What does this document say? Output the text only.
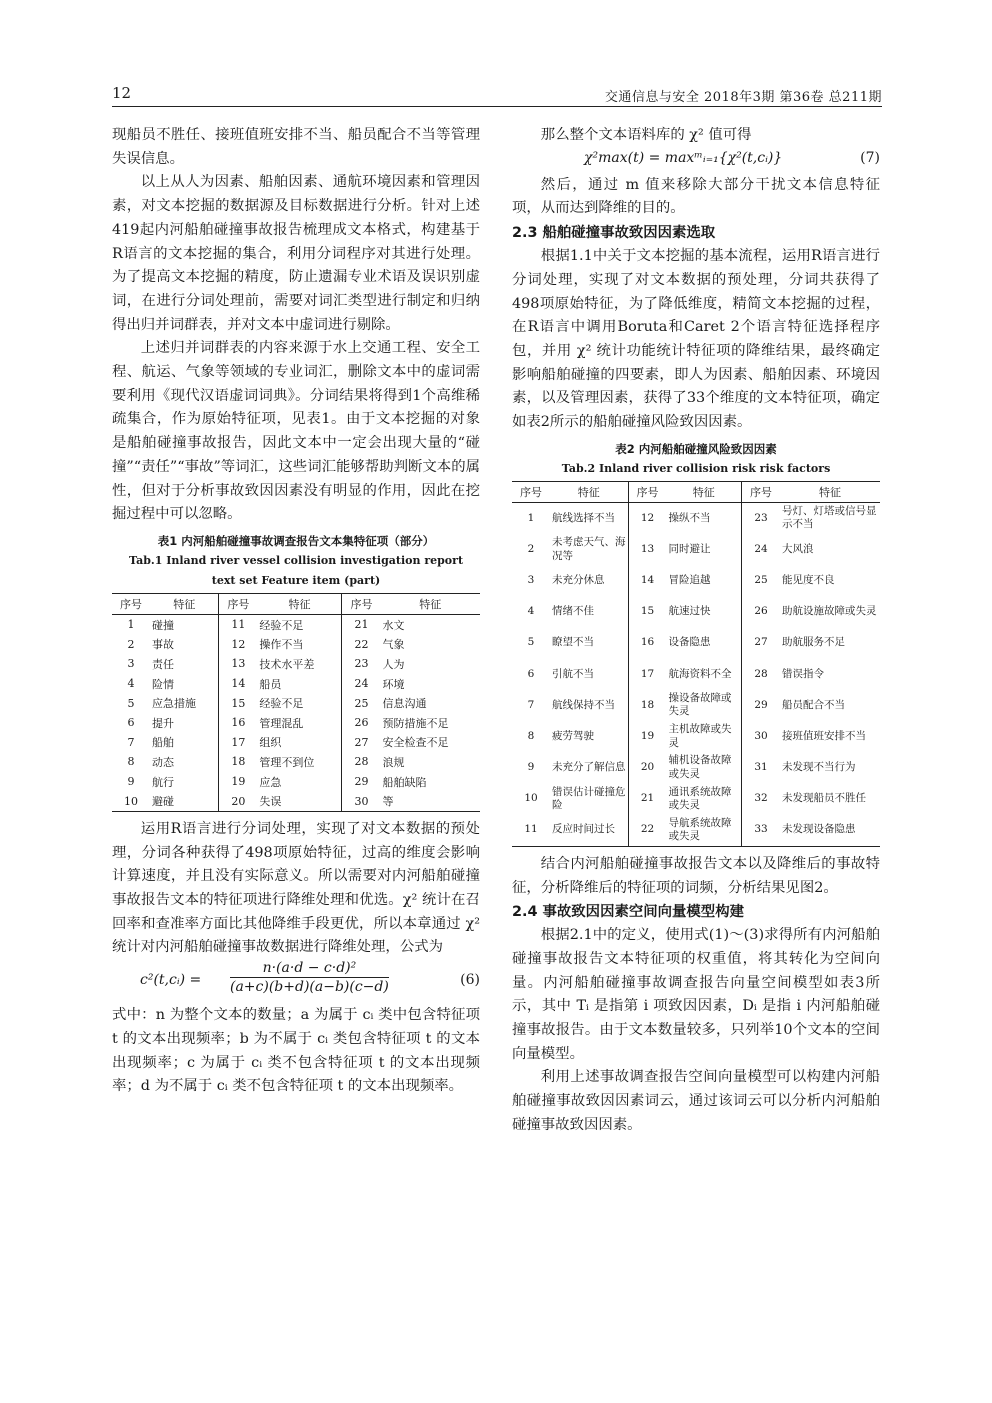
12	交通信息与安全 2018年3期 第36卷 总211期

现船员不胜任、接班值班安排不当、船员配合不当等管理失误信息。

以上从人为因素、船舶因素、通航环境因素和管理因素，对文本挖掘的数据源及目标数据进行分析。针对上述419起内河船舶碰撞事故报告梳理成文本格式，构建基于R语言的文本挖掘的集合，利用分词程序对其进行处理。为了提高文本挖掘的精度，防止遗漏专业术语及误识别虚词，在进行分词处理前，需要对词汇类型进行制定和归纳得出归并词群表，并对文本中虚词进行剔除。

上述归并词群表的内容来源于水上交通工程、安全工程、航运、气象等领域的专业词汇，删除文本中的虚词需要利用《现代汉语虚词词典》。分词结果将得到1个高维稀疏集合，作为原始特征项，见表1。由于文本挖掘的对象是船舶碰撞事故报告，因此文本中一定会出现大量的“碰撞”“责任”“事故”等词汇，这些词汇能够帮助判断文本的属性，但对于分析事故致因因素没有明显的作用，因此在挖掘过程中可以忽略。

表1 内河船舶碰撞事故调查报告文本集特征项（部分）
Tab.1 Inland river vessel collision investigation report
text set Feature item (part)
序号	特征	序号	特征	序号	特征
1	碰撞	11	经验不足	21	水文
2	事故	12	操作不当	22	气象
3	责任	13	技术水平差	23	人为
4	险情	14	船员	24	环境
5	应急措施	15	经验不足	25	信息沟通
6	提升	16	管理混乱	26	预防措施不足
7	船舶	17	组织	27	安全检查不足
8	动态	18	管理不到位	28	浪规
9	航行	19	应急	29	船舶缺陷
10	避碰	20	失误	30	等

运用R语言进行分词处理，实现了对文本数据的预处理，分词各种获得了498项原始特征，过高的维度会影响计算速度，并且没有实际意义。所以需要对内河船舶碰撞事故报告文本的特征项进行降维处理和优选。χ² 统计在召回率和查准率方面比其他降维手段更优，所以本章通过 χ² 统计对内河船舶碰撞事故数据进行降维处理，公式为

c²(t,cᵢ) = $\frac{\text{n·(a·d − c·d)²}}{(a+c)(b+d)(a-b)(c-d)}$	(6)

式中：n 为整个文本的数量；a 为属于 cᵢ 类中包含特征项 t 的文本出现频率；b 为不属于 cᵢ 类包含特征项 t 的文本出现频率；c 为属于 cᵢ 类不包含特征项 t 的文本出现频率；d 为不属于 cᵢ 类不包含特征项 t 的文本出现频率。

那么整个文本语料库的 χ² 值可得

χ²max(t) = maxᵐᵢ₌₁{χ²(t,cᵢ)}	(7)

然后，通过 m 值来移除大部分干扰文本信息特征项，从而达到降维的目的。

2.3 船舶碰撞事故致因因素选取

根据1.1中关于文本挖掘的基本流程，运用R语言进行分词处理，实现了对文本数据的预处理，分词共获得了498项原始特征，为了降低维度，精简文本挖掘的过程，在R语言中调用Boruta和Caret 2个语言特征选择程序包，并用 χ² 统计功能统计特征项的降维结果，最终确定影响船舶碰撞的四要素，即人为因素、船舶因素、环境因素，以及管理因素，获得了33个维度的文本特征项，确定如表2所示的船舶碰撞风险致因因素。

表2 内河船舶碰撞风险致因因素
Tab.2 Inland river collision risk risk factors
序号	特征	序号	特征	序号	特征
1	航线选择不当	12	操纵不当	23	号灯、灯塔或信号显示不当
2	未考虑天气、海况等	13	同时避让	24	大风浪
3	未充分休息	14	冒险追越	25	能见度不良
4	情绪不佳	15	航速过快	26	助航设施故障或失灵
5	瞭望不当	16	设备隐患	27	助航服务不足
6	引航不当	17	航海资料不全	28	错误指令
7	航线保持不当	18	操设备故障或失灵	29	船员配合不当
8	疲劳驾驶	19	主机故障或失灵	30	接班值班安排不当
9	未充分了解信息	20	辅机设备故障或失灵	31	未发现不当行为
10	错误估计碰撞危险	21	通讯系统故障或失灵	32	未发现船员不胜任
11	反应时间过长	22	导航系统故障或失灵	33	未发现设备隐患

结合内河船舶碰撞事故报告文本以及降维后的事故特征，分析降维后的特征项的词频，分析结果见图2。

2.4 事故致因因素空间向量模型构建

根据2.1中的定义，使用式(1)～(3)求得所有内河船舶碰撞事故报告文本特征项的权重值，将其转化为空间向量。内河船舶碰撞事故调查报告向量空间模型如表3所示，其中 Tᵢ 是指第 i 项致因因素，Dᵢ 是指 i 内河船舶碰撞事故报告。由于文本数量较多，只列举10个文本的空间向量模型。

利用上述事故调查报告空间向量模型可以构建内河船舶碰撞事故致因因素词云，通过该词云可以分析内河船舶碰撞事故致因因素。
